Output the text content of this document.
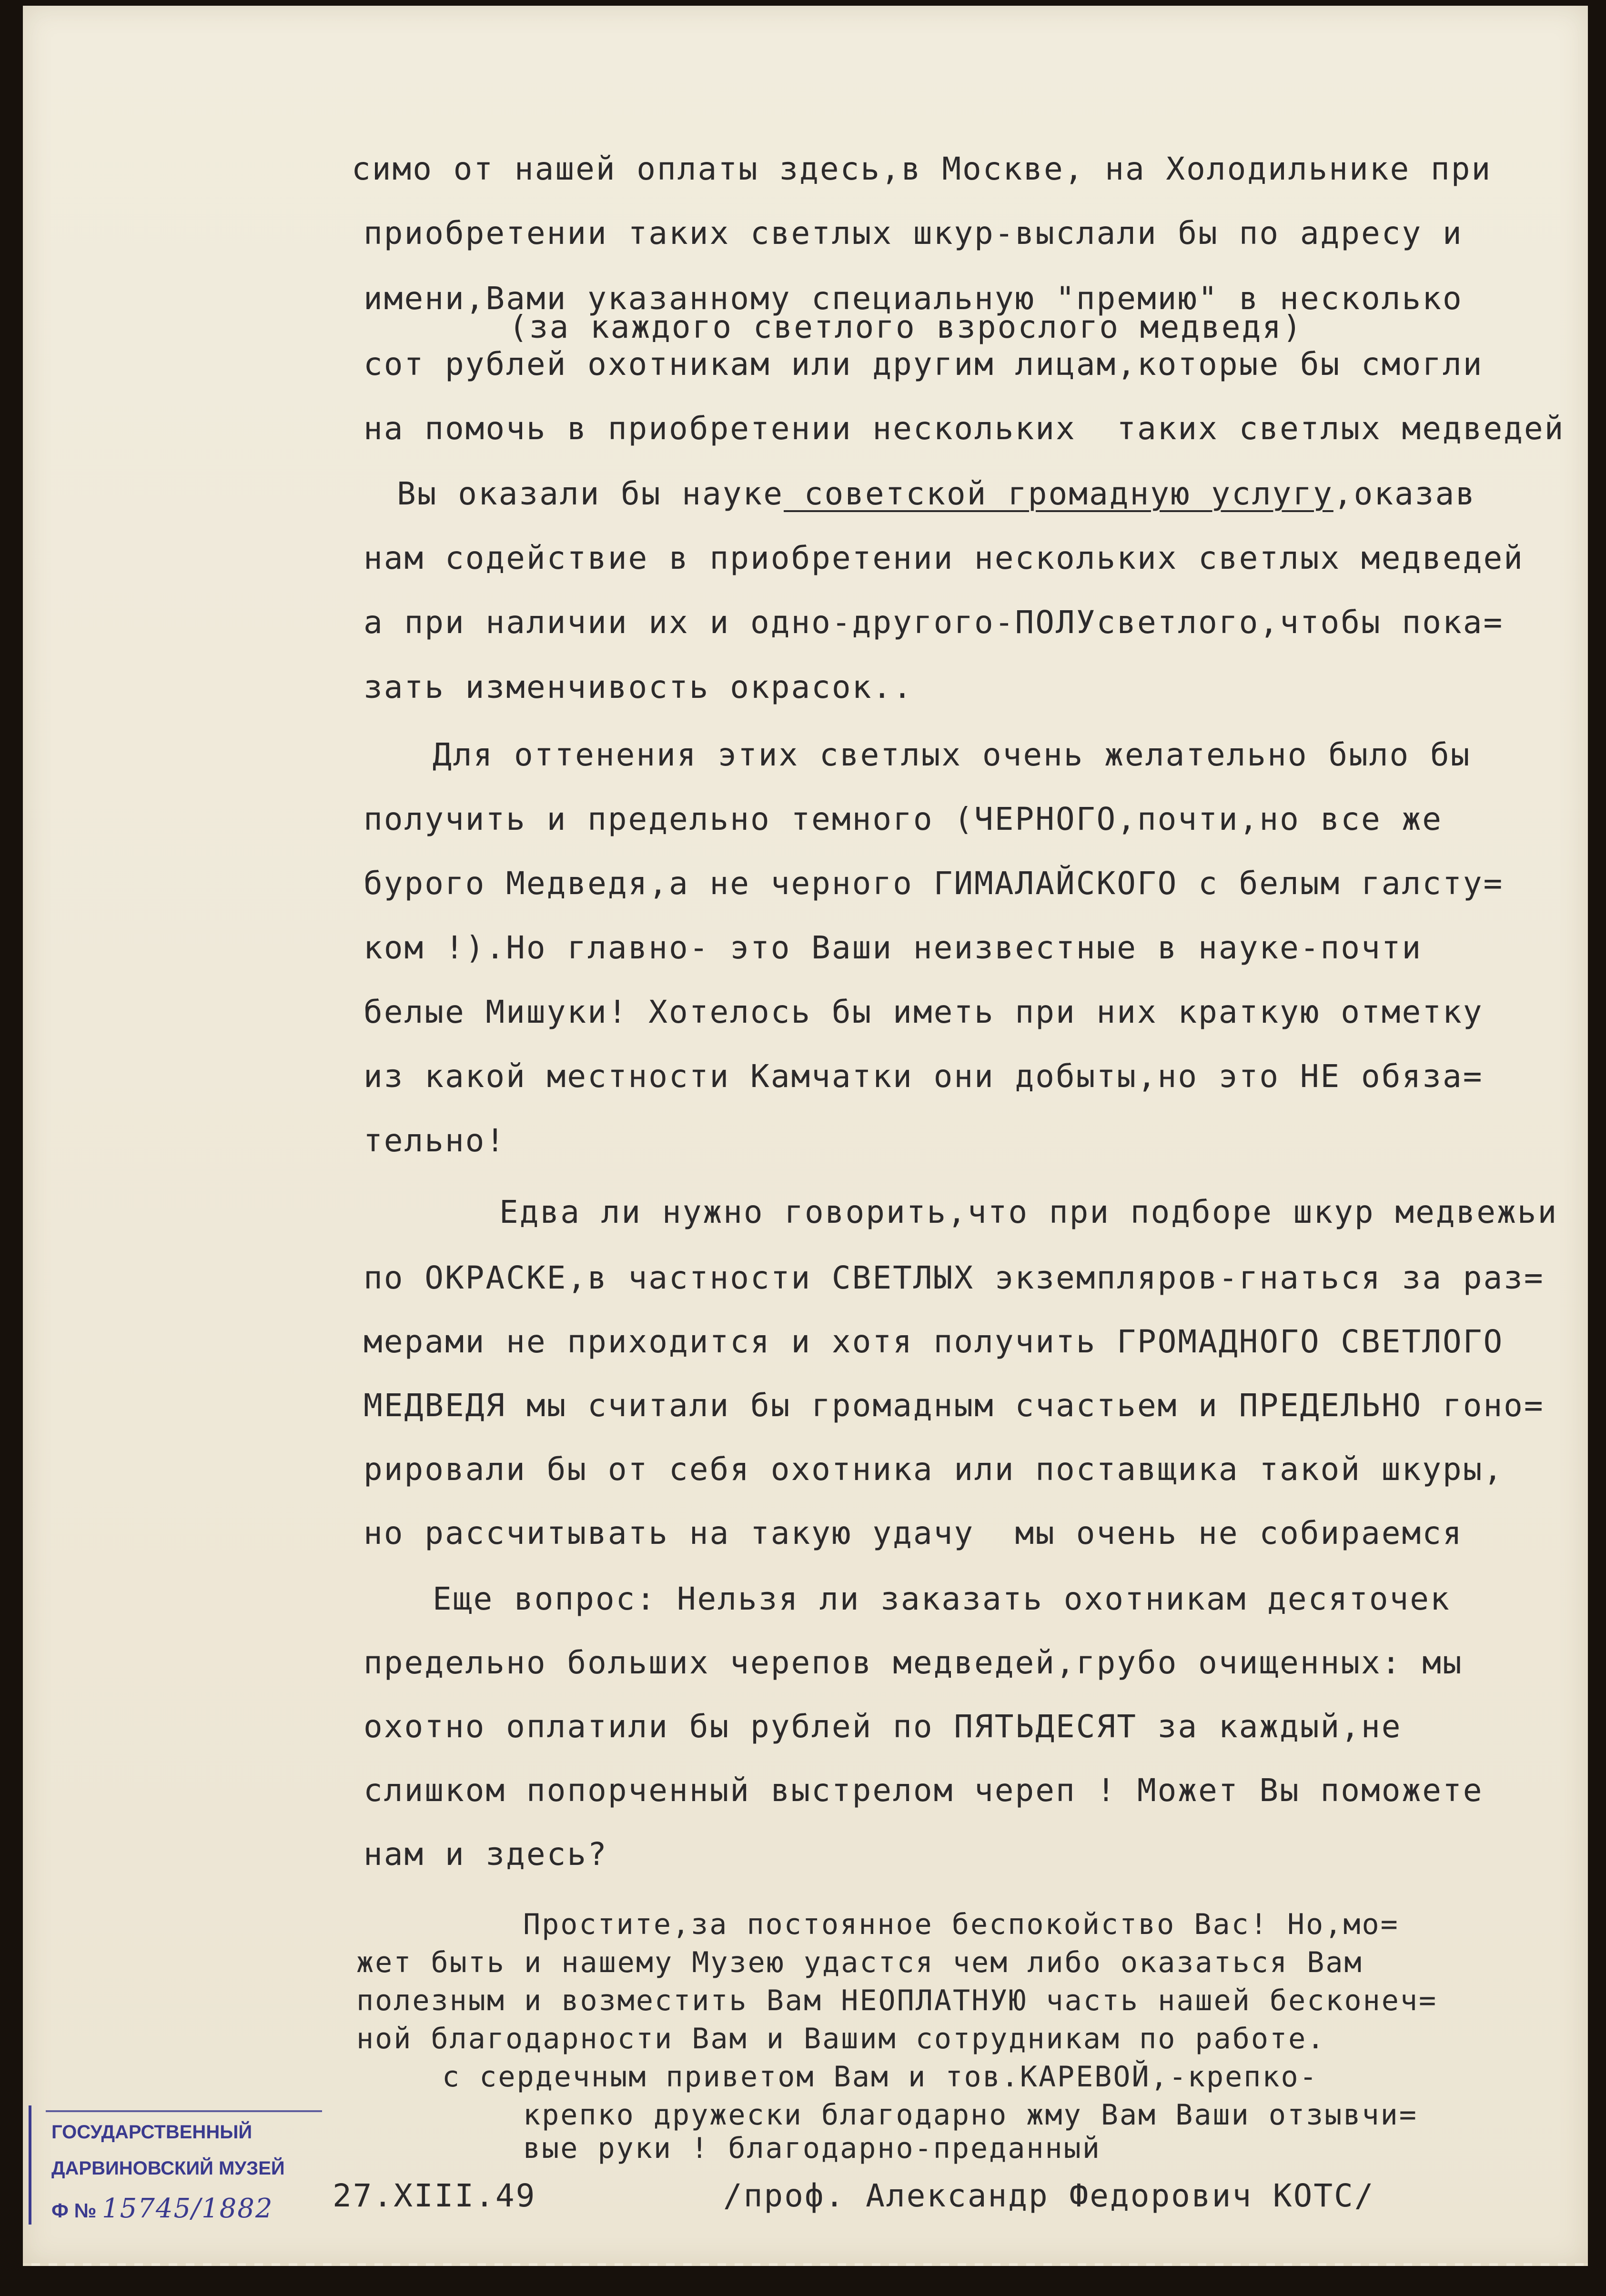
симо от нашей оплаты здесь,в Москве, на Холодильнике при
приобретении таких светлых шкур-выслали бы по адресу и
имени,Вами указанному специальную "премию" в несколько
(за каждого светлого взрослого медведя)
сот рублей охотникам или другим лицам,которые бы смогли
на помочь в приобретении нескольких  таких светлых медведей
Вы оказали бы науке советской громадную услугу,оказав
нам содействие в приобретении нескольких светлых медведей
а при наличии их и одно-другого-ПОЛУсветлого,чтобы пока=
зать изменчивость окрасок..
Для оттенения этих светлых очень желательно было бы
получить и предельно темного (ЧЕРНОГО,почти,но все же
бурого Медведя,а не черного ГИМАЛАЙСКОГО с белым галсту=
ком !).Но главно- это Ваши неизвестные в науке-почти
белые Мишуки! Хотелось бы иметь при них краткую отметку
из какой местности Камчатки они добыты,но это НЕ обяза=
тельно!
Едва ли нужно говорить,что при подборе шкур медвежьи
по ОКРАСКЕ,в частности СВЕТЛЫХ экземпляров-гнаться за раз=
мерами не приходится и хотя получить ГРОМАДНОГО СВЕТЛОГО
МЕДВЕДЯ мы считали бы громадным счастьем и ПРЕДЕЛЬНО гоно=
рировали бы от себя охотника или поставщика такой шкуры,
но рассчитывать на такую удачу  мы очень не собираемся
Еще вопрос: Нельзя ли заказать охотникам десяточек
предельно больших черепов медведей,грубо очищенных: мы
охотно оплатили бы рублей по ПЯТЬДЕСЯТ за каждый,не
слишком попорченный выстрелом череп ! Может Вы поможете
нам и здесь?
Простите,за постоянное беспокойство Вас! Но,мо=
жет быть и нашему Музею удастся чем либо оказаться Вам
полезным и возместить Вам НЕОПЛАТНУЮ часть нашей бесконеч=
ной благодарности Вам и Вашим сотрудникам по работе.
с сердечным приветом Вам и тов.КАРЕВОЙ,-крепко-
крепко дружески благодарно жму Вам Ваши отзывчи=
вые руки ! благодарно-преданный
27.XIII.49	/проф. Александр Федорович КОТС/
ГОСУДАРСТВЕННЫЙ
ДАРВИНОВСКИЙ МУЗЕЙ
Ф № 15745/1882
